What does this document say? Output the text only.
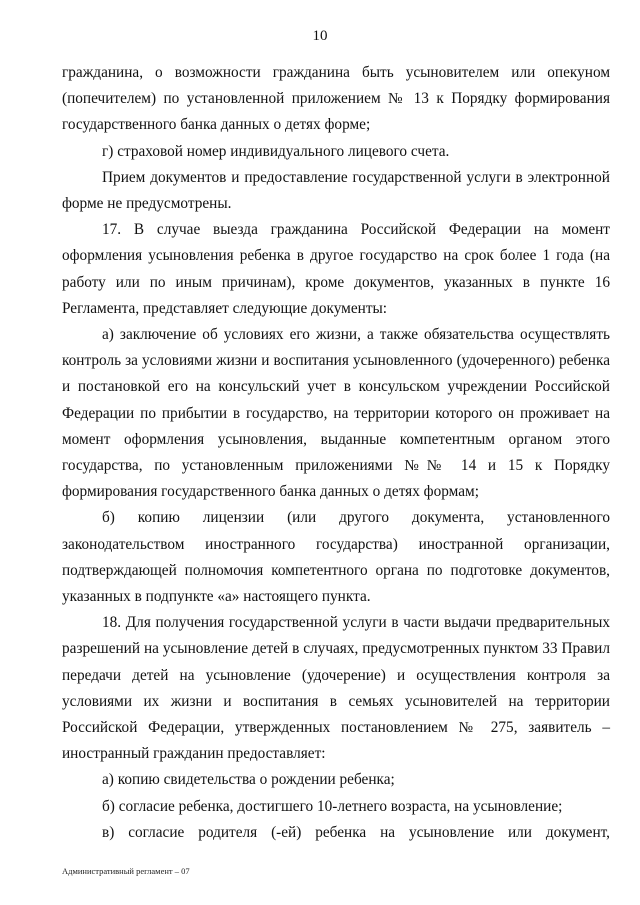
10

гражданина, о возможности гражданина быть усыновителем или опекуном (попечителем) по установленной приложением № 13 к Порядку формирования государственного банка данных о детях форме;

г) страховой номер индивидуального лицевого счета.

Прием документов и предоставление государственной услуги в электронной форме не предусмотрены.

17. В случае выезда гражданина Российской Федерации на момент оформления усыновления ребенка в другое государство на срок более 1 года (на работу или по иным причинам), кроме документов, указанных в пункте 16 Регламента, представляет следующие документы:

а) заключение об условиях его жизни, а также обязательства осуществлять контроль за условиями жизни и воспитания усыновленного (удочеренного) ребенка и постановкой его на консульский учет в консульском учреждении Российской Федерации по прибытии в государство, на территории которого он проживает на момент оформления усыновления, выданные компетентным органом этого государства, по установленным приложениями №№ 14 и 15 к Порядку формирования государственного банка данных о детях формам;

б) копию лицензии (или другого документа, установленного законодательством иностранного государства) иностранной организации, подтверждающей полномочия компетентного органа по подготовке документов, указанных в подпункте «а» настоящего пункта.

18. Для получения государственной услуги в части выдачи предварительных разрешений на усыновление детей в случаях, предусмотренных пунктом 33 Правил передачи детей на усыновление (удочерение) и осуществления контроля за условиями их жизни и воспитания в семьях усыновителей на территории Российской Федерации, утвержденных постановлением № 275, заявитель – иностранный гражданин предоставляет:

а) копию свидетельства о рождении ребенка;

б) согласие ребенка, достигшего 10-летнего возраста, на усыновление;

в) согласие родителя (-ей) ребенка на усыновление или документ,

Административный регламент – 07
